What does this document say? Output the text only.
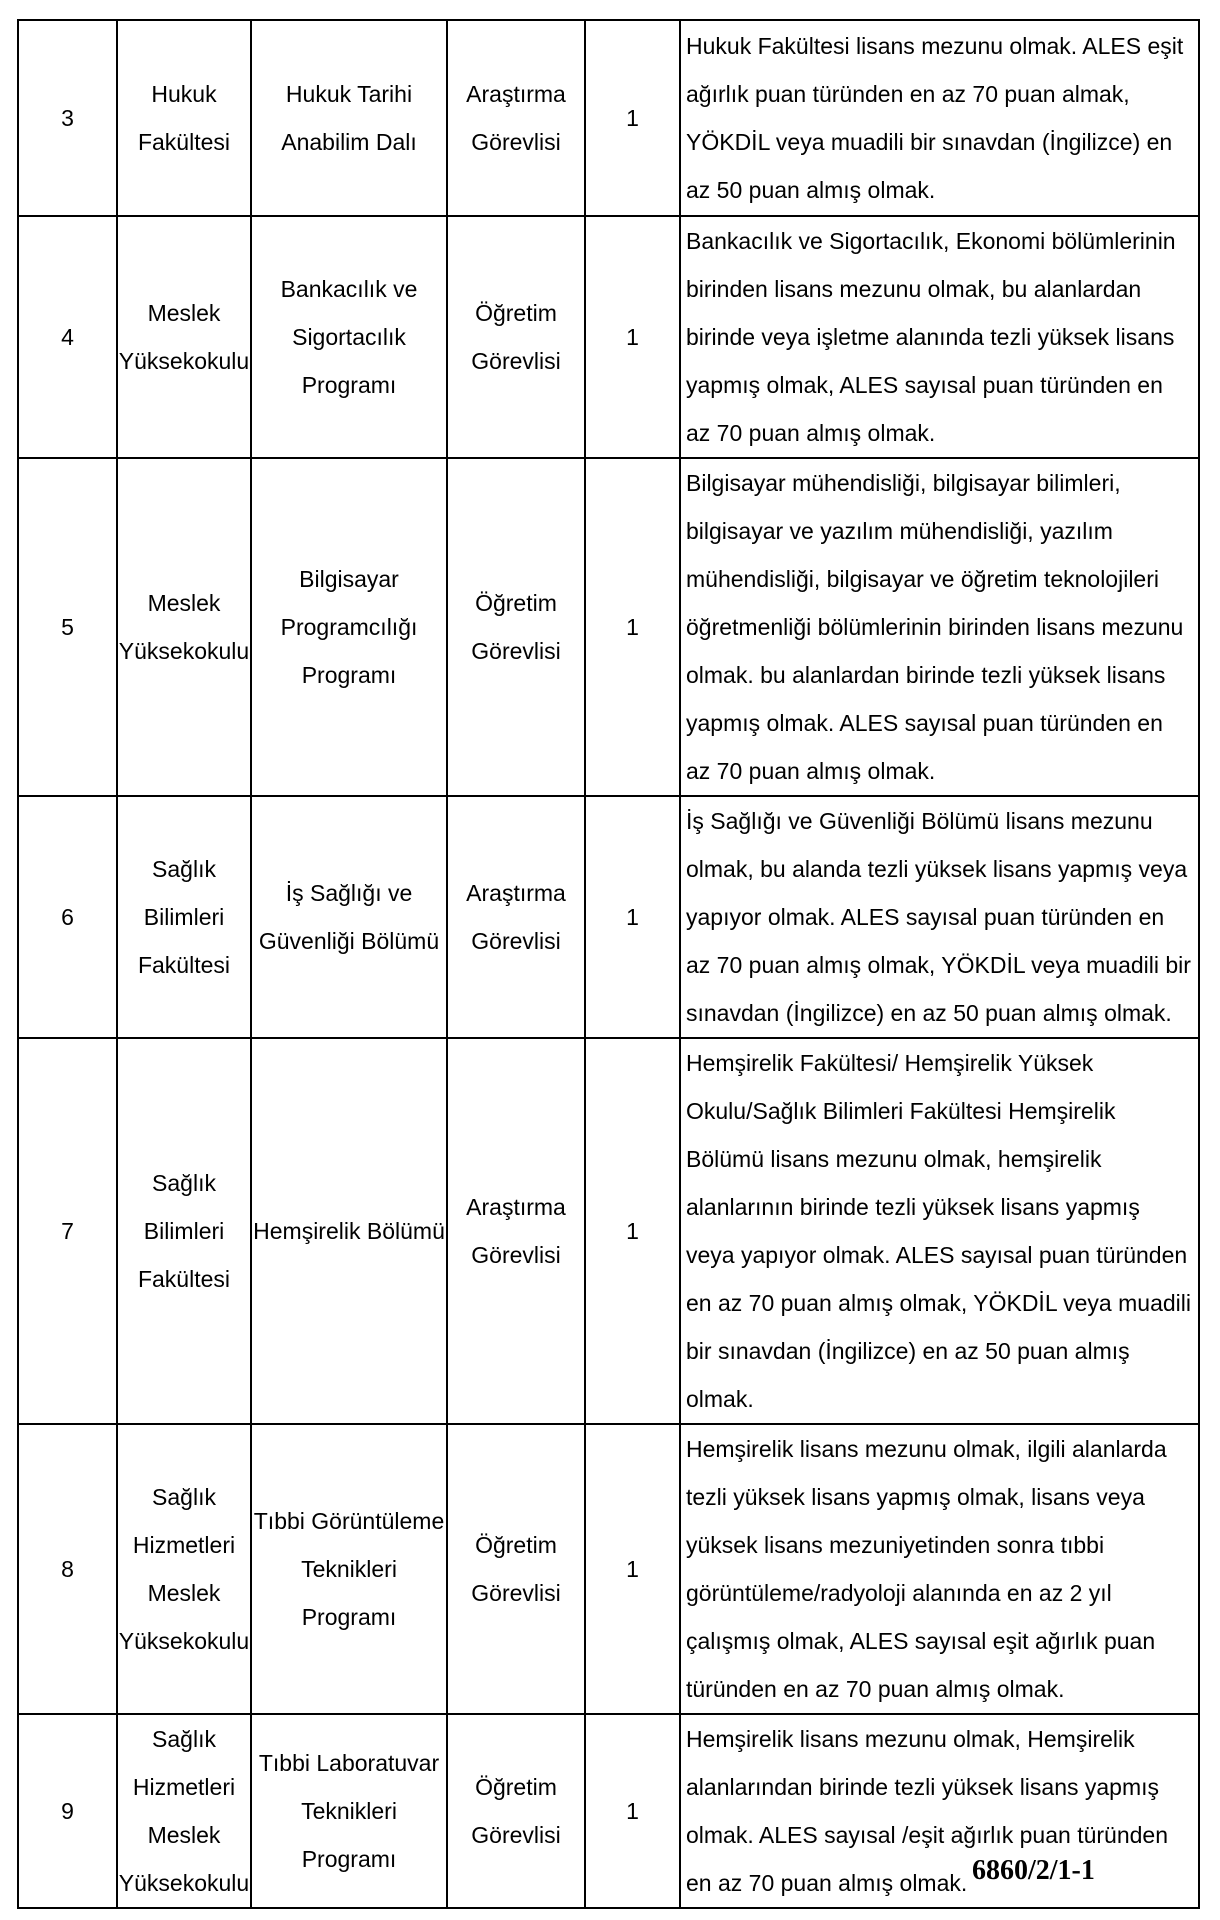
3	Hukuk Fakültesi	Hukuk Tarihi Anabilim Dalı	Araştırma Görevlisi	1	Hukuk Fakültesi lisans mezunu olmak. ALES eşit ağırlık puan türünden en az 70 puan almak, YÖKDİL veya muadili bir sınavdan (İngilizce) en az 50 puan almış olmak.
4	Meslek Yüksekokulu	Bankacılık ve Sigortacılık Programı	Öğretim Görevlisi	1	Bankacılık ve Sigortacılık, Ekonomi bölümlerinin birinden lisans mezunu olmak, bu alanlardan birinde veya işletme alanında tezli yüksek lisans yapmış olmak, ALES sayısal puan türünden en az 70 puan almış olmak.
5	Meslek Yüksekokulu	Bilgisayar Programcılığı Programı	Öğretim Görevlisi	1	Bilgisayar mühendisliği, bilgisayar bilimleri, bilgisayar ve yazılım mühendisliği, yazılım mühendisliği, bilgisayar ve öğretim teknolojileri öğretmenliği bölümlerinin birinden lisans mezunu olmak. bu alanlardan birinde tezli yüksek lisans yapmış olmak. ALES sayısal puan türünden en az 70 puan almış olmak.
6	Sağlık Bilimleri Fakültesi	İş Sağlığı ve Güvenliği Bölümü	Araştırma Görevlisi	1	İş Sağlığı ve Güvenliği Bölümü lisans mezunu olmak, bu alanda tezli yüksek lisans yapmış veya yapıyor olmak. ALES sayısal puan türünden en az 70 puan almış olmak, YÖKDİL veya muadili bir sınavdan (İngilizce) en az 50 puan almış olmak.
7	Sağlık Bilimleri Fakültesi	Hemşirelik Bölümü	Araştırma Görevlisi	1	Hemşirelik Fakültesi/ Hemşirelik Yüksek Okulu/Sağlık Bilimleri Fakültesi Hemşirelik Bölümü lisans mezunu olmak, hemşirelik alanlarının birinde tezli yüksek lisans yapmış veya yapıyor olmak. ALES sayısal puan türünden en az 70 puan almış olmak, YÖKDİL veya muadili bir sınavdan (İngilizce) en az 50 puan almış olmak.
8	Sağlık Hizmetleri Meslek Yüksekokulu	Tıbbi Görüntüleme Teknikleri Programı	Öğretim Görevlisi	1	Hemşirelik lisans mezunu olmak, ilgili alanlarda tezli yüksek lisans yapmış olmak, lisans veya yüksek lisans mezuniyetinden sonra tıbbi görüntüleme/radyoloji alanında en az 2 yıl çalışmış olmak, ALES sayısal eşit ağırlık puan türünden en az 70 puan almış olmak.
9	Sağlık Hizmetleri Meslek Yüksekokulu	Tıbbi Laboratuvar Teknikleri Programı	Öğretim Görevlisi	1	Hemşirelik lisans mezunu olmak, Hemşirelik alanlarından birinde tezli yüksek lisans yapmış olmak. ALES sayısal /eşit ağırlık puan türünden en az 70 puan almış olmak. 6860/2/1-1
